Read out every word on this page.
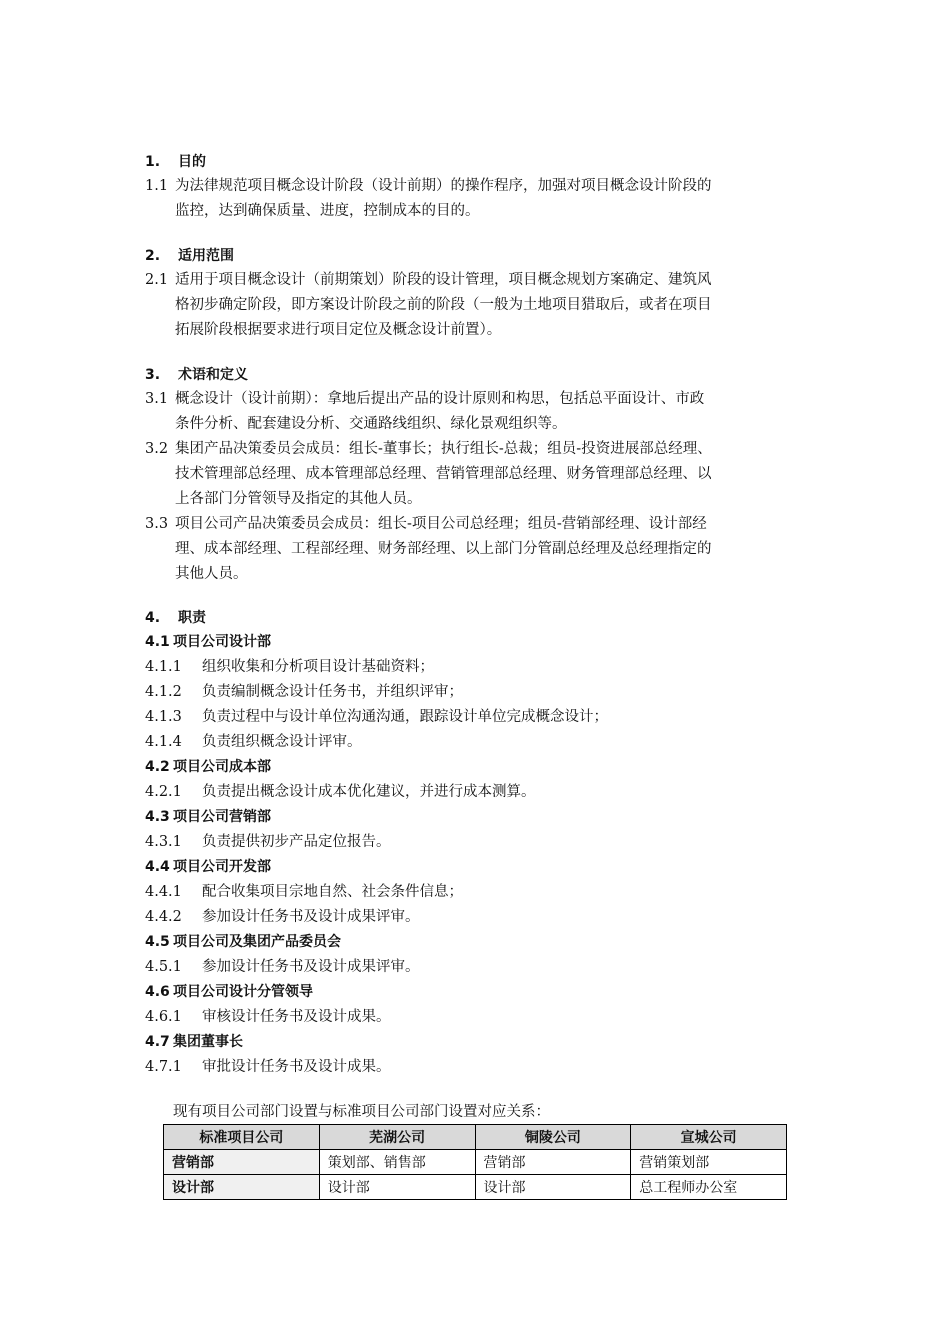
1. 目的
1.1 为法律规范项目概念设计阶段（设计前期）的操作程序，加强对项目概念设计阶段的
监控，达到确保质量、进度，控制成本的目的。
2. 适用范围
2.1 适用于项目概念设计（前期策划）阶段的设计管理，项目概念规划方案确定、建筑风
格初步确定阶段，即方案设计阶段之前的阶段（一般为土地项目猎取后，或者在项目
拓展阶段根据要求进行项目定位及概念设计前置）。
3. 术语和定义
3.1 概念设计（设计前期）：拿地后提出产品的设计原则和构思，包括总平面设计、市政
条件分析、配套建设分析、交通路线组织、绿化景观组织等。
3.2 集团产品决策委员会成员：组长-董事长；执行组长-总裁；组员-投资进展部总经理、
技术管理部总经理、成本管理部总经理、营销管理部总经理、财务管理部总经理、以
上各部门分管领导及指定的其他人员。
3.3 项目公司产品决策委员会成员：组长-项目公司总经理；组员-营销部经理、设计部经
理、成本部经理、工程部经理、财务部经理、以上部门分管副总经理及总经理指定的
其他人员。
4. 职责
4.1 项目公司设计部
4.1.1 组织收集和分析项目设计基础资料；
4.1.2 负责编制概念设计任务书，并组织评审；
4.1.3 负责过程中与设计单位沟通沟通，跟踪设计单位完成概念设计；
4.1.4 负责组织概念设计评审。
4.2 项目公司成本部
4.2.1 负责提出概念设计成本优化建议，并进行成本测算。
4.3 项目公司营销部
4.3.1 负责提供初步产品定位报告。
4.4 项目公司开发部
4.4.1 配合收集项目宗地自然、社会条件信息；
4.4.2 参加设计任务书及设计成果评审。
4.5 项目公司及集团产品委员会
4.5.1 参加设计任务书及设计成果评审。
4.6 项目公司设计分管领导
4.6.1 审核设计任务书及设计成果。
4.7 集团董事长
4.7.1 审批设计任务书及设计成果。
现有项目公司部门设置与标准项目公司部门设置对应关系：
标准项目公司	芜湖公司	铜陵公司	宣城公司
营销部	策划部、销售部	营销部	营销策划部
设计部	设计部	设计部	总工程师办公室
